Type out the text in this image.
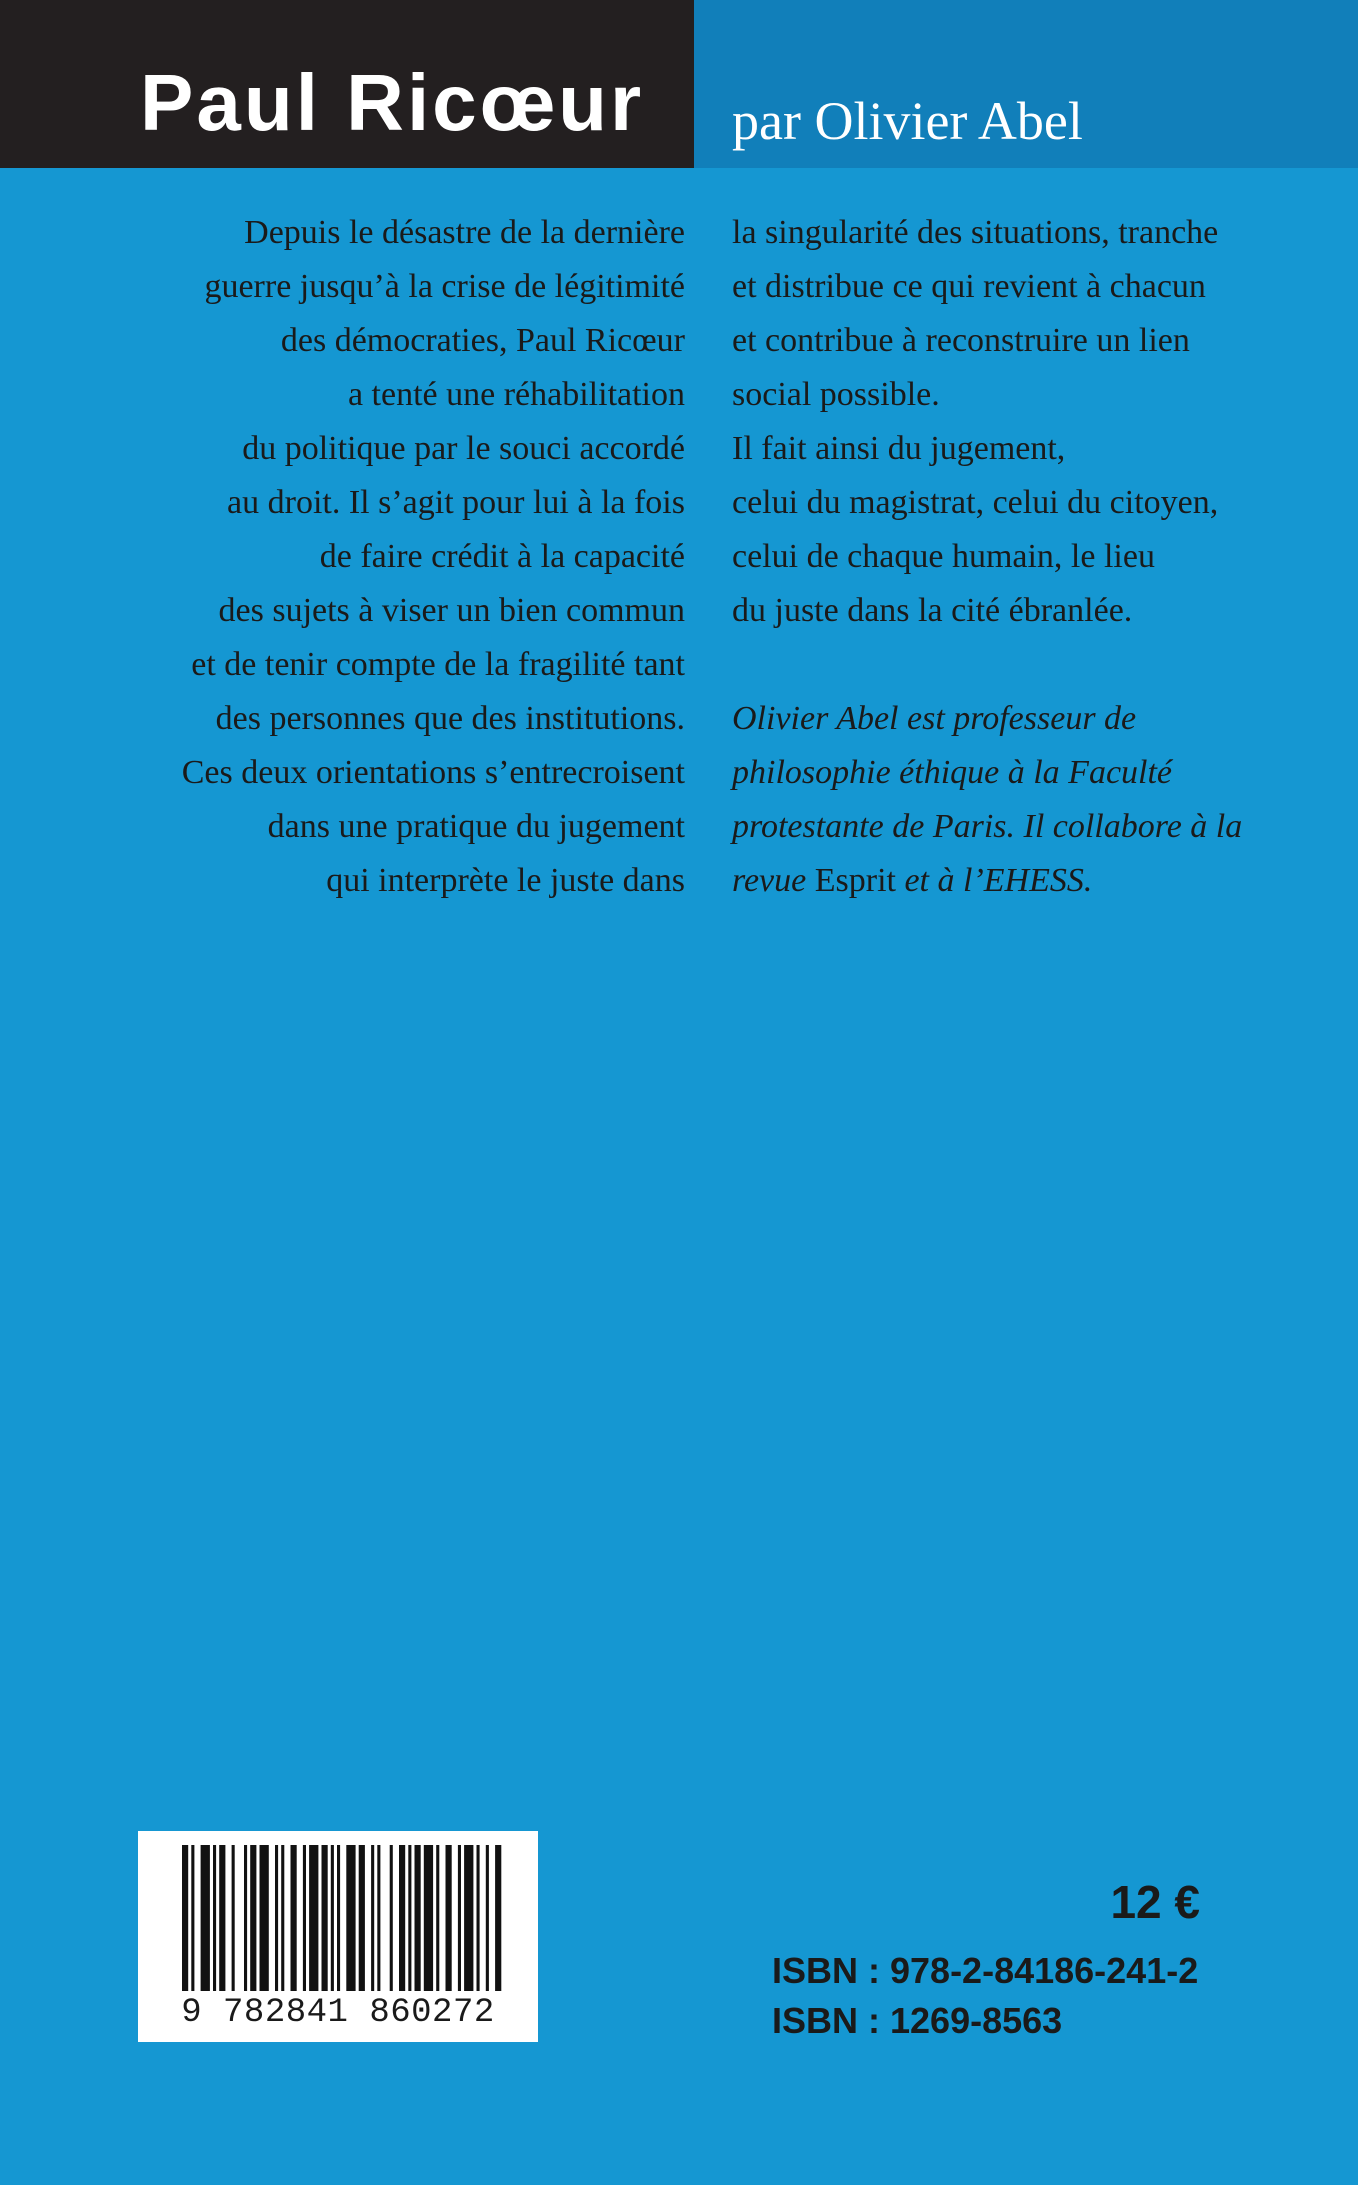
Paul Ricœur par Olivier Abel
Depuis le désastre de la dernière
guerre jusqu’à la crise de légitimité
des démocraties, Paul Ricœur
a tenté une réhabilitation
du politique par le souci accordé
au droit. Il s’agit pour lui à la fois
de faire crédit à la capacité
des sujets à viser un bien commun
et de tenir compte de la fragilité tant
des personnes que des institutions.
Ces deux orientations s’entrecroisent
dans une pratique du jugement
qui interprète le juste dans
la singularité des situations, tranche
et distribue ce qui revient à chacun
et contribue à reconstruire un lien
social possible.
Il fait ainsi du jugement,
celui du magistrat, celui du citoyen,
celui de chaque humain, le lieu
du juste dans la cité ébranlée.
Olivier Abel est professeur de
philosophie éthique à la Faculté
protestante de Paris. Il collabore à la
revue Esprit et à l’EHESS.
9 782841 860272
12 €
ISBN : 978-2-84186-241-2
ISBN : 1269-8563
